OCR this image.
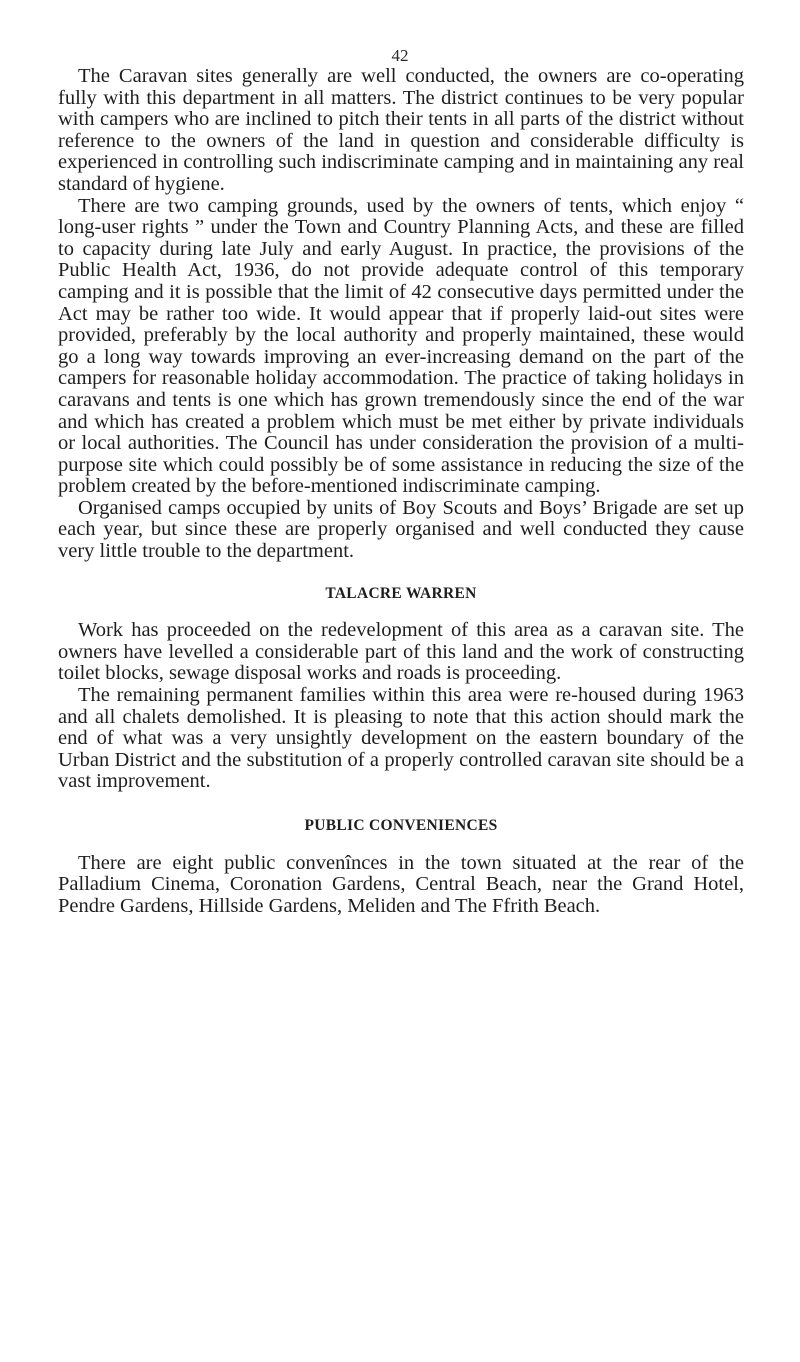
42

The Caravan sites generally are well conducted, the owners are co-operating fully with this department in all matters. The district continues to be very popular with campers who are inclined to pitch their tents in all parts of the district without reference to the owners of the land in question and considerable difficulty is experienced in controlling such indiscriminate camping and in maintaining any real standard of hygiene.

There are two camping grounds, used by the owners of tents, which enjoy “ long-user rights ” under the Town and Country Planning Acts, and these are filled to capacity during late July and early August. In practice, the provisions of the Public Health Act, 1936, do not provide adequate control of this temporary camping and it is possible that the limit of 42 consecutive days permitted under the Act may be rather too wide. It would appear that if properly laid-out sites were provided, preferably by the local authority and properly maintained, these would go a long way towards improving an ever-increasing demand on the part of the campers for reasonable holiday accommodation. The practice of taking holidays in caravans and tents is one which has grown tremendously since the end of the war and which has created a problem which must be met either by private individuals or local authorities. The Council has under consideration the provision of a multi-purpose site which could possibly be of some assistance in reducing the size of the problem created by the before-mentioned indiscriminate camping.

Organised camps occupied by units of Boy Scouts and Boys’ Brigade are set up each year, but since these are properly organised and well conducted they cause very little trouble to the department.

TALACRE WARREN

Work has proceeded on the redevelopment of this area as a caravan site. The owners have levelled a considerable part of this land and the work of constructing toilet blocks, sewage disposal works and roads is proceeding.

The remaining permanent families within this area were re-housed during 1963 and all chalets demolished. It is pleasing to note that this action should mark the end of what was a very unsightly development on the eastern boundary of the Urban District and the substitution of a properly controlled caravan site should be a vast improvement.

PUBLIC CONVENIENCES

There are eight public convenînces in the town situated at the rear of the Palladium Cinema, Coronation Gardens, Central Beach, near the Grand Hotel, Pendre Gardens, Hillside Gardens, Meliden and The Ffrith Beach.
